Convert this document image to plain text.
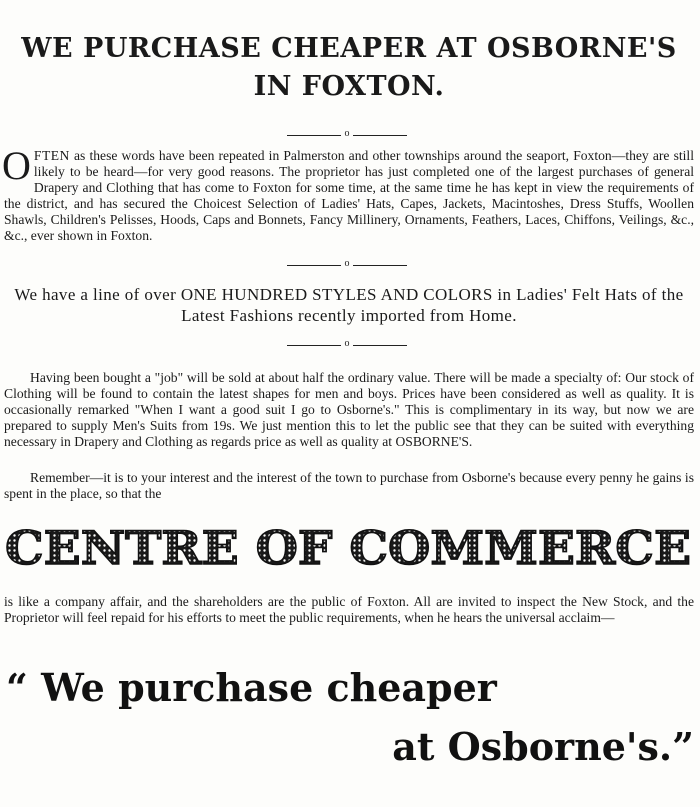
WE PURCHASE CHEAPER AT OSBORNE'S IN FOXTON.
o
OFTEN as these words have been repeated in Palmerston and other townships around the seaport, Foxton—they are still likely to be heard—for very good reasons. The proprietor has just completed one of the largest purchases of general Drapery and Clothing that has come to Foxton for some time, at the same time he has kept in view the requirements of the district, and has secured the Choicest Selection of Ladies' Hats, Capes, Jackets, Macintoshes, Dress Stuffs, Woollen Shawls, Children's Pelisses, Hoods, Caps and Bonnets, Fancy Millinery, Ornaments, Feathers, Laces, Chiffons, Veilings, &c., &c., ever shown in Foxton.
o
We have a line of over ONE HUNDRED STYLES AND COLORS in Ladies' Felt Hats of the Latest Fashions recently imported from Home.
o
Having been bought a "job" will be sold at about half the ordinary value. There will be made a specialty of: Our stock of Clothing will be found to contain the latest shapes for men and boys. Prices have been considered as well as quality. It is occasionally remarked "When I want a good suit I go to Osborne's." This is complimentary in its way, but now we are prepared to supply Men's Suits from 19s. We just mention this to let the public see that they can be suited with everything necessary in Drapery and Clothing as regards price as well as quality at OSBORNE'S.
Remember—it is to your interest and the interest of the town to purchase from Osborne's because every penny he gains is spent in the place, so that the
CENTRE OF COMMERCE
is like a company affair, and the shareholders are the public of Foxton. All are invited to inspect the New Stock, and the Proprietor will feel repaid for his efforts to meet the public requirements, when he hears the universal acclaim—
“ We purchase cheaper
at Osborne's.”
